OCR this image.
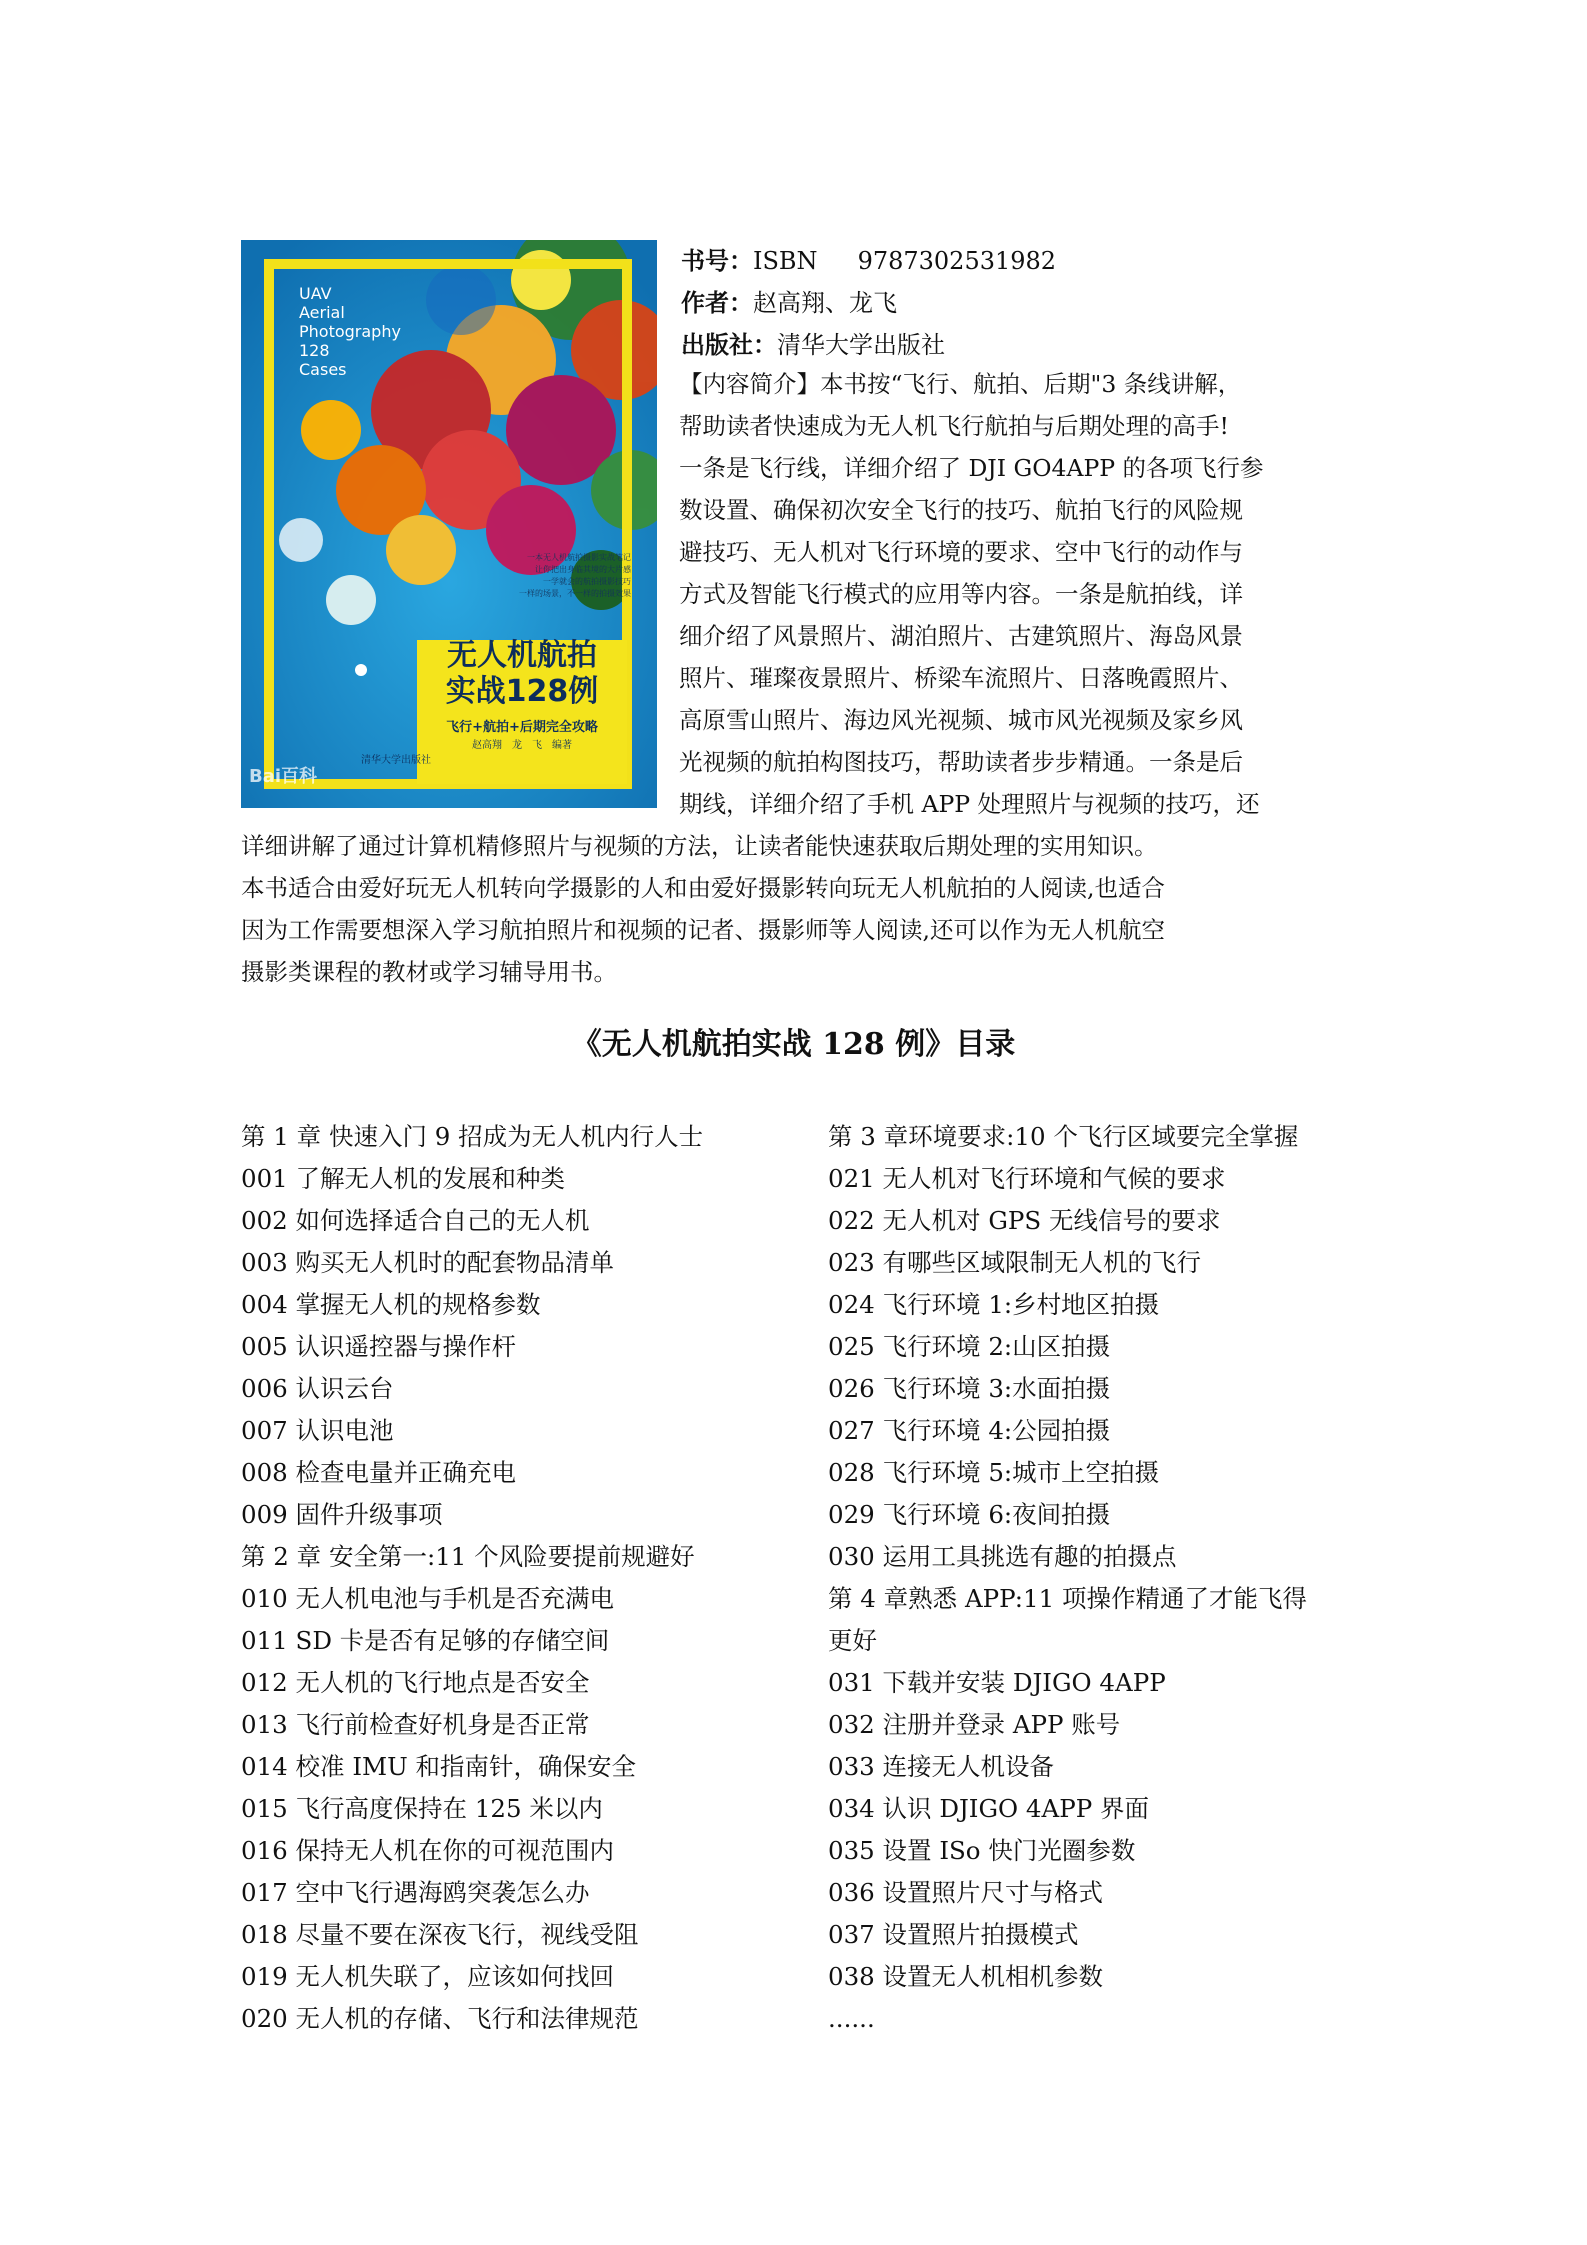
UAV
Aerial
Photography
128
Cases
一本无人机航拍摄影实战笔记
让你把出身临其境的大片感
一学就会的航拍摄影技巧
一样的场景，不一样的拍摄效果
无人机航拍
实战128例
飞行+航拍+后期完全攻略
赵高翔　龙　飞　编著
清华大学出版社
Bai百科
书号：ISBN 9787302531982
作者：赵高翔、龙飞
出版社：清华大学出版社
【内容简介】本书按“飞行、航拍、后期"3 条线讲解，
帮助读者快速成为无人机飞行航拍与后期处理的高手!
一条是飞行线，详细介绍了 DJI GO4APP 的各项飞行参
数设置、确保初次安全飞行的技巧、航拍飞行的风险规
避技巧、无人机对飞行环境的要求、空中飞行的动作与
方式及智能飞行模式的应用等内容。一条是航拍线，详
细介绍了风景照片、湖泊照片、古建筑照片、海岛风景
照片、璀璨夜景照片、桥梁车流照片、日落晚霞照片、
高原雪山照片、海边风光视频、城市风光视频及家乡风
光视频的航拍构图技巧，帮助读者步步精通。一条是后
期线，详细介绍了手机 APP 处理照片与视频的技巧，还
详细讲解了通过计算机精修照片与视频的方法，让读者能快速获取后期处理的实用知识。
本书适合由爱好玩无人机转向学摄影的人和由爱好摄影转向玩无人机航拍的人阅读,也适合
因为工作需要想深入学习航拍照片和视频的记者、摄影师等人阅读,还可以作为无人机航空
摄影类课程的教材或学习辅导用书。
《无人机航拍实战 128 例》目录
第 1 章 快速入门 9 招成为无人机内行人士
001 了解无人机的发展和种类
002 如何选择适合自己的无人机
003 购买无人机时的配套物品清单
004 掌握无人机的规格参数
005 认识遥控器与操作杆
006 认识云台
007 认识电池
008 检查电量并正确充电
009 固件升级事项
第 2 章 安全第一:11 个风险要提前规避好
010 无人机电池与手机是否充满电
011 SD 卡是否有足够的存储空间
012 无人机的飞行地点是否安全
013 飞行前检查好机身是否正常
014 校准 IMU 和指南针，确保安全
015 飞行高度保持在 125 米以内
016 保持无人机在你的可视范围内
017 空中飞行遇海鸥突袭怎么办
018 尽量不要在深夜飞行，视线受阻
019 无人机失联了，应该如何找回
020 无人机的存储、飞行和法律规范
第 3 章环境要求:10 个飞行区域要完全掌握
021 无人机对飞行环境和气候的要求
022 无人机对 GPS 无线信号的要求
023 有哪些区域限制无人机的飞行
024 飞行环境 1:乡村地区拍摄
025 飞行环境 2:山区拍摄
026 飞行环境 3:水面拍摄
027 飞行环境 4:公园拍摄
028 飞行环境 5:城市上空拍摄
029 飞行环境 6:夜间拍摄
030 运用工具挑选有趣的拍摄点
第 4 章熟悉 APP:11 项操作精通了才能飞得
更好
031 下载并安装 DJIGO 4APP
032 注册并登录 APP 账号
033 连接无人机设备
034 认识 DJIGO 4APP 界面
035 设置 ISo 快门光圈参数
036 设置照片尺寸与格式
037 设置照片拍摄模式
038 设置无人机相机参数
......
